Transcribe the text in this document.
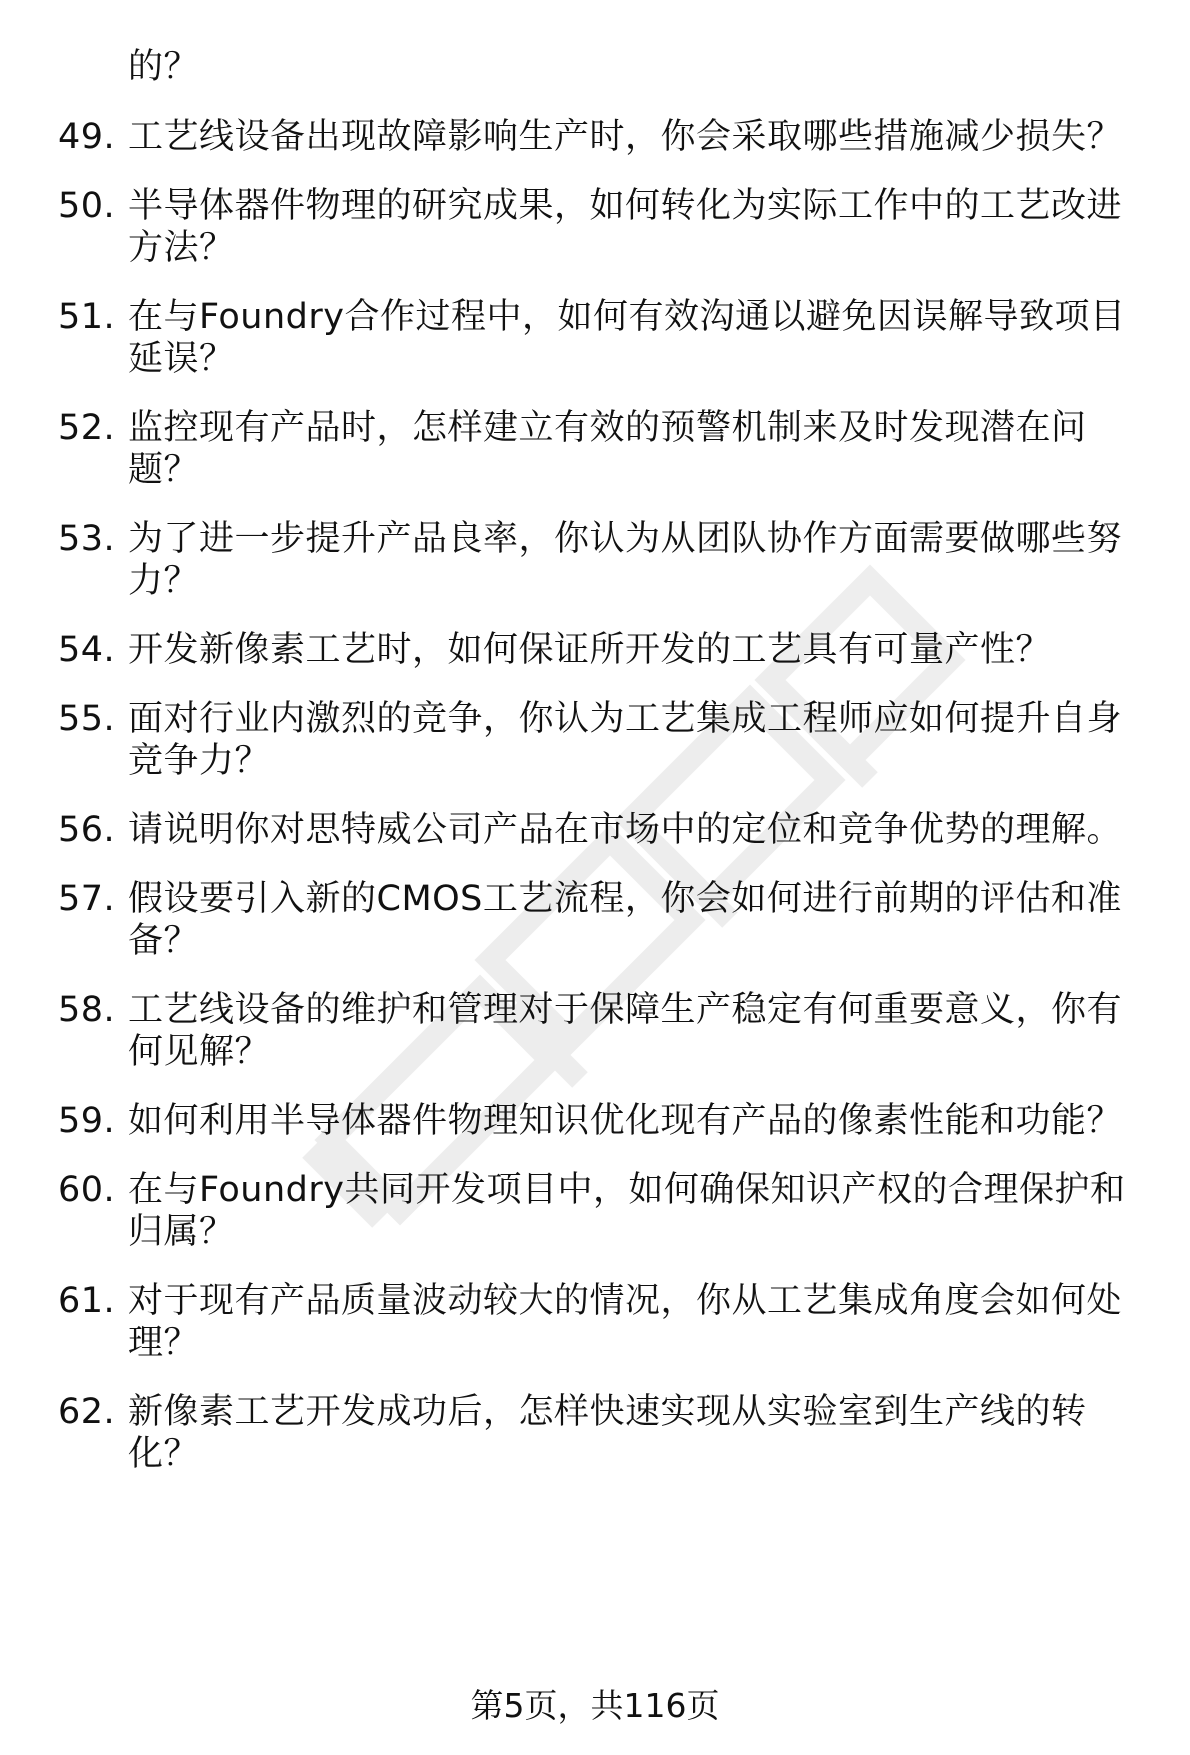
的？
49. 工艺线设备出现故障影响生产时，你会采取哪些措施减少损失？
50. 半导体器件物理的研究成果，如何转化为实际工作中的工艺改进
方法？
51. 在与Foundry合作过程中，如何有效沟通以避免因误解导致项目
延误？
52. 监控现有产品时，怎样建立有效的预警机制来及时发现潜在问
题？
53. 为了进一步提升产品良率，你认为从团队协作方面需要做哪些努
力？
54. 开发新像素工艺时，如何保证所开发的工艺具有可量产性？
55. 面对行业内激烈的竞争，你认为工艺集成工程师应如何提升自身
竞争力？
56. 请说明你对思特威公司产品在市场中的定位和竞争优势的理解。
57. 假设要引入新的CMOS工艺流程，你会如何进行前期的评估和准
备？
58. 工艺线设备的维护和管理对于保障生产稳定有何重要意义，你有
何见解？
59. 如何利用半导体器件物理知识优化现有产品的像素性能和功能？
60. 在与Foundry共同开发项目中，如何确保知识产权的合理保护和
归属？
61. 对于现有产品质量波动较大的情况，你从工艺集成角度会如何处
理？
62. 新像素工艺开发成功后，怎样快速实现从实验室到生产线的转
化？
第5页，共116页
